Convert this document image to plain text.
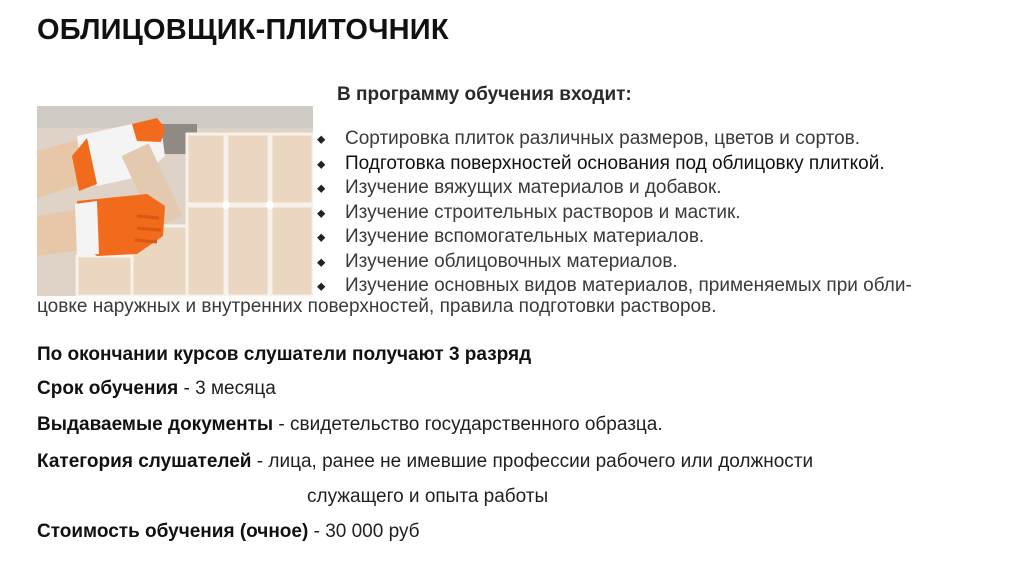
ОБЛИЦОВЩИК-ПЛИТОЧНИК
В программу обучения входит:
⬥ Сортировка плиток различных размеров, цветов и сортов.
⬥ Подготовка поверхностей основания под облицовку плиткой.
⬥ Изучение вяжущих материалов и добавок.
⬥ Изучение строительных растворов и мастик.
⬥ Изучение вспомогательных материалов.
⬥ Изучение облицовочных материалов.
⬥ Изучение основных видов материалов, применяемых при обли-
цовке наружных и внутренних поверхностей, правила подготовки растворов.
По окончании курсов слушатели получают 3 разряд
Срок обучения - 3 месяца
Выдаваемые документы - свидетельство государственного образца.
Категория слушателей - лица, ранее не имевшие профессии рабочего или должности
служащего и опыта работы
Стоимость обучения (очное) - 30 000 руб
